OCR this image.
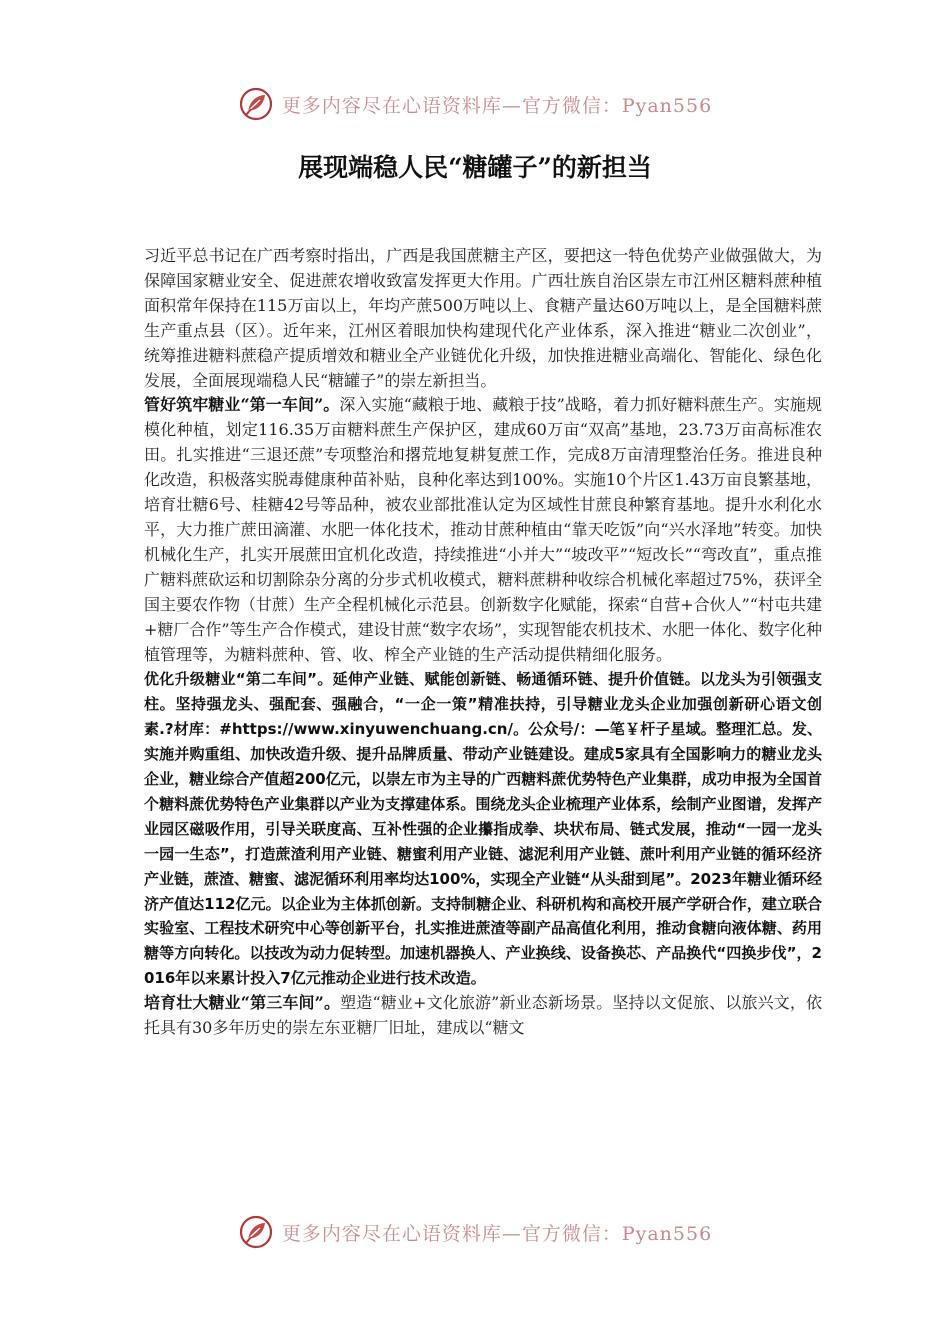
更多内容尽在心语资料库—官方微信：Pyan556
展现端稳人民“糖罐子”的新担当

习近平总书记在广西考察时指出，广西是我国蔗糖主产区，要把这一特色优势产业做强做大，为保障国家糖业安全、促进蔗农增收致富发挥更大作用。广西壮族自治区崇左市江州区糖料蔗种植面积常年保持在115万亩以上，年均产蔗500万吨以上、食糖产量达60万吨以上，是全国糖料蔗生产重点县（区）。近年来，江州区着眼加快构建现代化产业体系，深入推进“糖业二次创业”，统筹推进糖料蔗稳产提质增效和糖业全产业链优化升级，加快推进糖业高端化、智能化、绿色化发展，全面展现端稳人民“糖罐子”的崇左新担当。

管好筑牢糖业“第一车间”。深入实施“藏粮于地、藏粮于技”战略，着力抓好糖料蔗生产。实施规模化种植，划定116.35万亩糖料蔗生产保护区，建成60万亩“双高”基地，23.73万亩高标准农田。扎实推进“三退还蔗”专项整治和撂荒地复耕复蔗工作，完成8万亩清理整治任务。推进良种化改造，积极落实脱毒健康种苗补贴，良种化率达到100%。实施10个片区1.43万亩良繁基地，培育壮糖6号、桂糖42号等品种，被农业部批准认定为区域性甘蔗良种繁育基地。提升水利化水平，大力推广蔗田滴灌、水肥一体化技术，推动甘蔗种植由“靠天吃饭”向“兴水泽地”转变。加快机械化生产，扎实开展蔗田宜机化改造，持续推进“小并大”“坡改平”“短改长”“弯改直”，重点推广糖料蔗砍运和切割除杂分离的分步式机收模式，糖料蔗耕种收综合机械化率超过75%，获评全国主要农作物（甘蔗）生产全程机械化示范县。创新数字化赋能，探索“自营+合伙人”“村屯共建+糖厂合作”等生产合作模式，建设甘蔗“数字农场”，实现智能农机技术、水肥一体化、数字化种植管理等，为糖料蔗种、管、收、榨全产业链的生产活动提供精细化服务。

优化升级糖业“第二车间”。延伸产业链、赋能创新链、畅通循环链、提升价值链。以龙头为引领强支柱。坚持强龙头、强配套、强融合，“一企一策”精准扶持，引导糖业龙头企业加强创新研心语文创素.?材库：#https://www.xinyuwenchuang.cn/。公众号/：—笔￥杆子星域。整理汇总。发、实施并购重组、加快改造升级、提升品牌质量、带动产业链建设。建成5家具有全国影响力的糖业龙头企业，糖业综合产值超200亿元，以崇左市为主导的广西糖料蔗优势特色产业集群，成功申报为全国首个糖料蔗优势特色产业集群以产业为支撑建体系。围绕龙头企业梳理产业体系，绘制产业图谱，发挥产业园区磁吸作用，引导关联度高、互补性强的企业攥指成拳、块状布局、链式发展，推动“一园一龙头一园一生态”，打造蔗渣利用产业链、糖蜜利用产业链、滤泥利用产业链、蔗叶利用产业链的循环经济产业链，蔗渣、糖蜜、滤泥循环利用率均达100%，实现全产业链“从头甜到尾”。2023年糖业循环经济产值达112亿元。以企业为主体抓创新。支持制糖企业、科研机构和高校开展产学研合作，建立联合实验室、工程技术研究中心等创新平台，扎实推进蔗渣等副产品高值化利用，推动食糖向液体糖、药用糖等方向转化。以技改为动力促转型。加速机器换人、产业换线、设备换芯、产品换代“四换步伐”，2016年以来累计投入7亿元推动企业进行技术改造。

培育壮大糖业“第三车间”。塑造“糖业+文化旅游”新业态新场景。坚持以文促旅、以旅兴文，依托具有30多年历史的崇左东亚糖厂旧址，建成以“糖文

更多内容尽在心语资料库—官方微信：Pyan556
